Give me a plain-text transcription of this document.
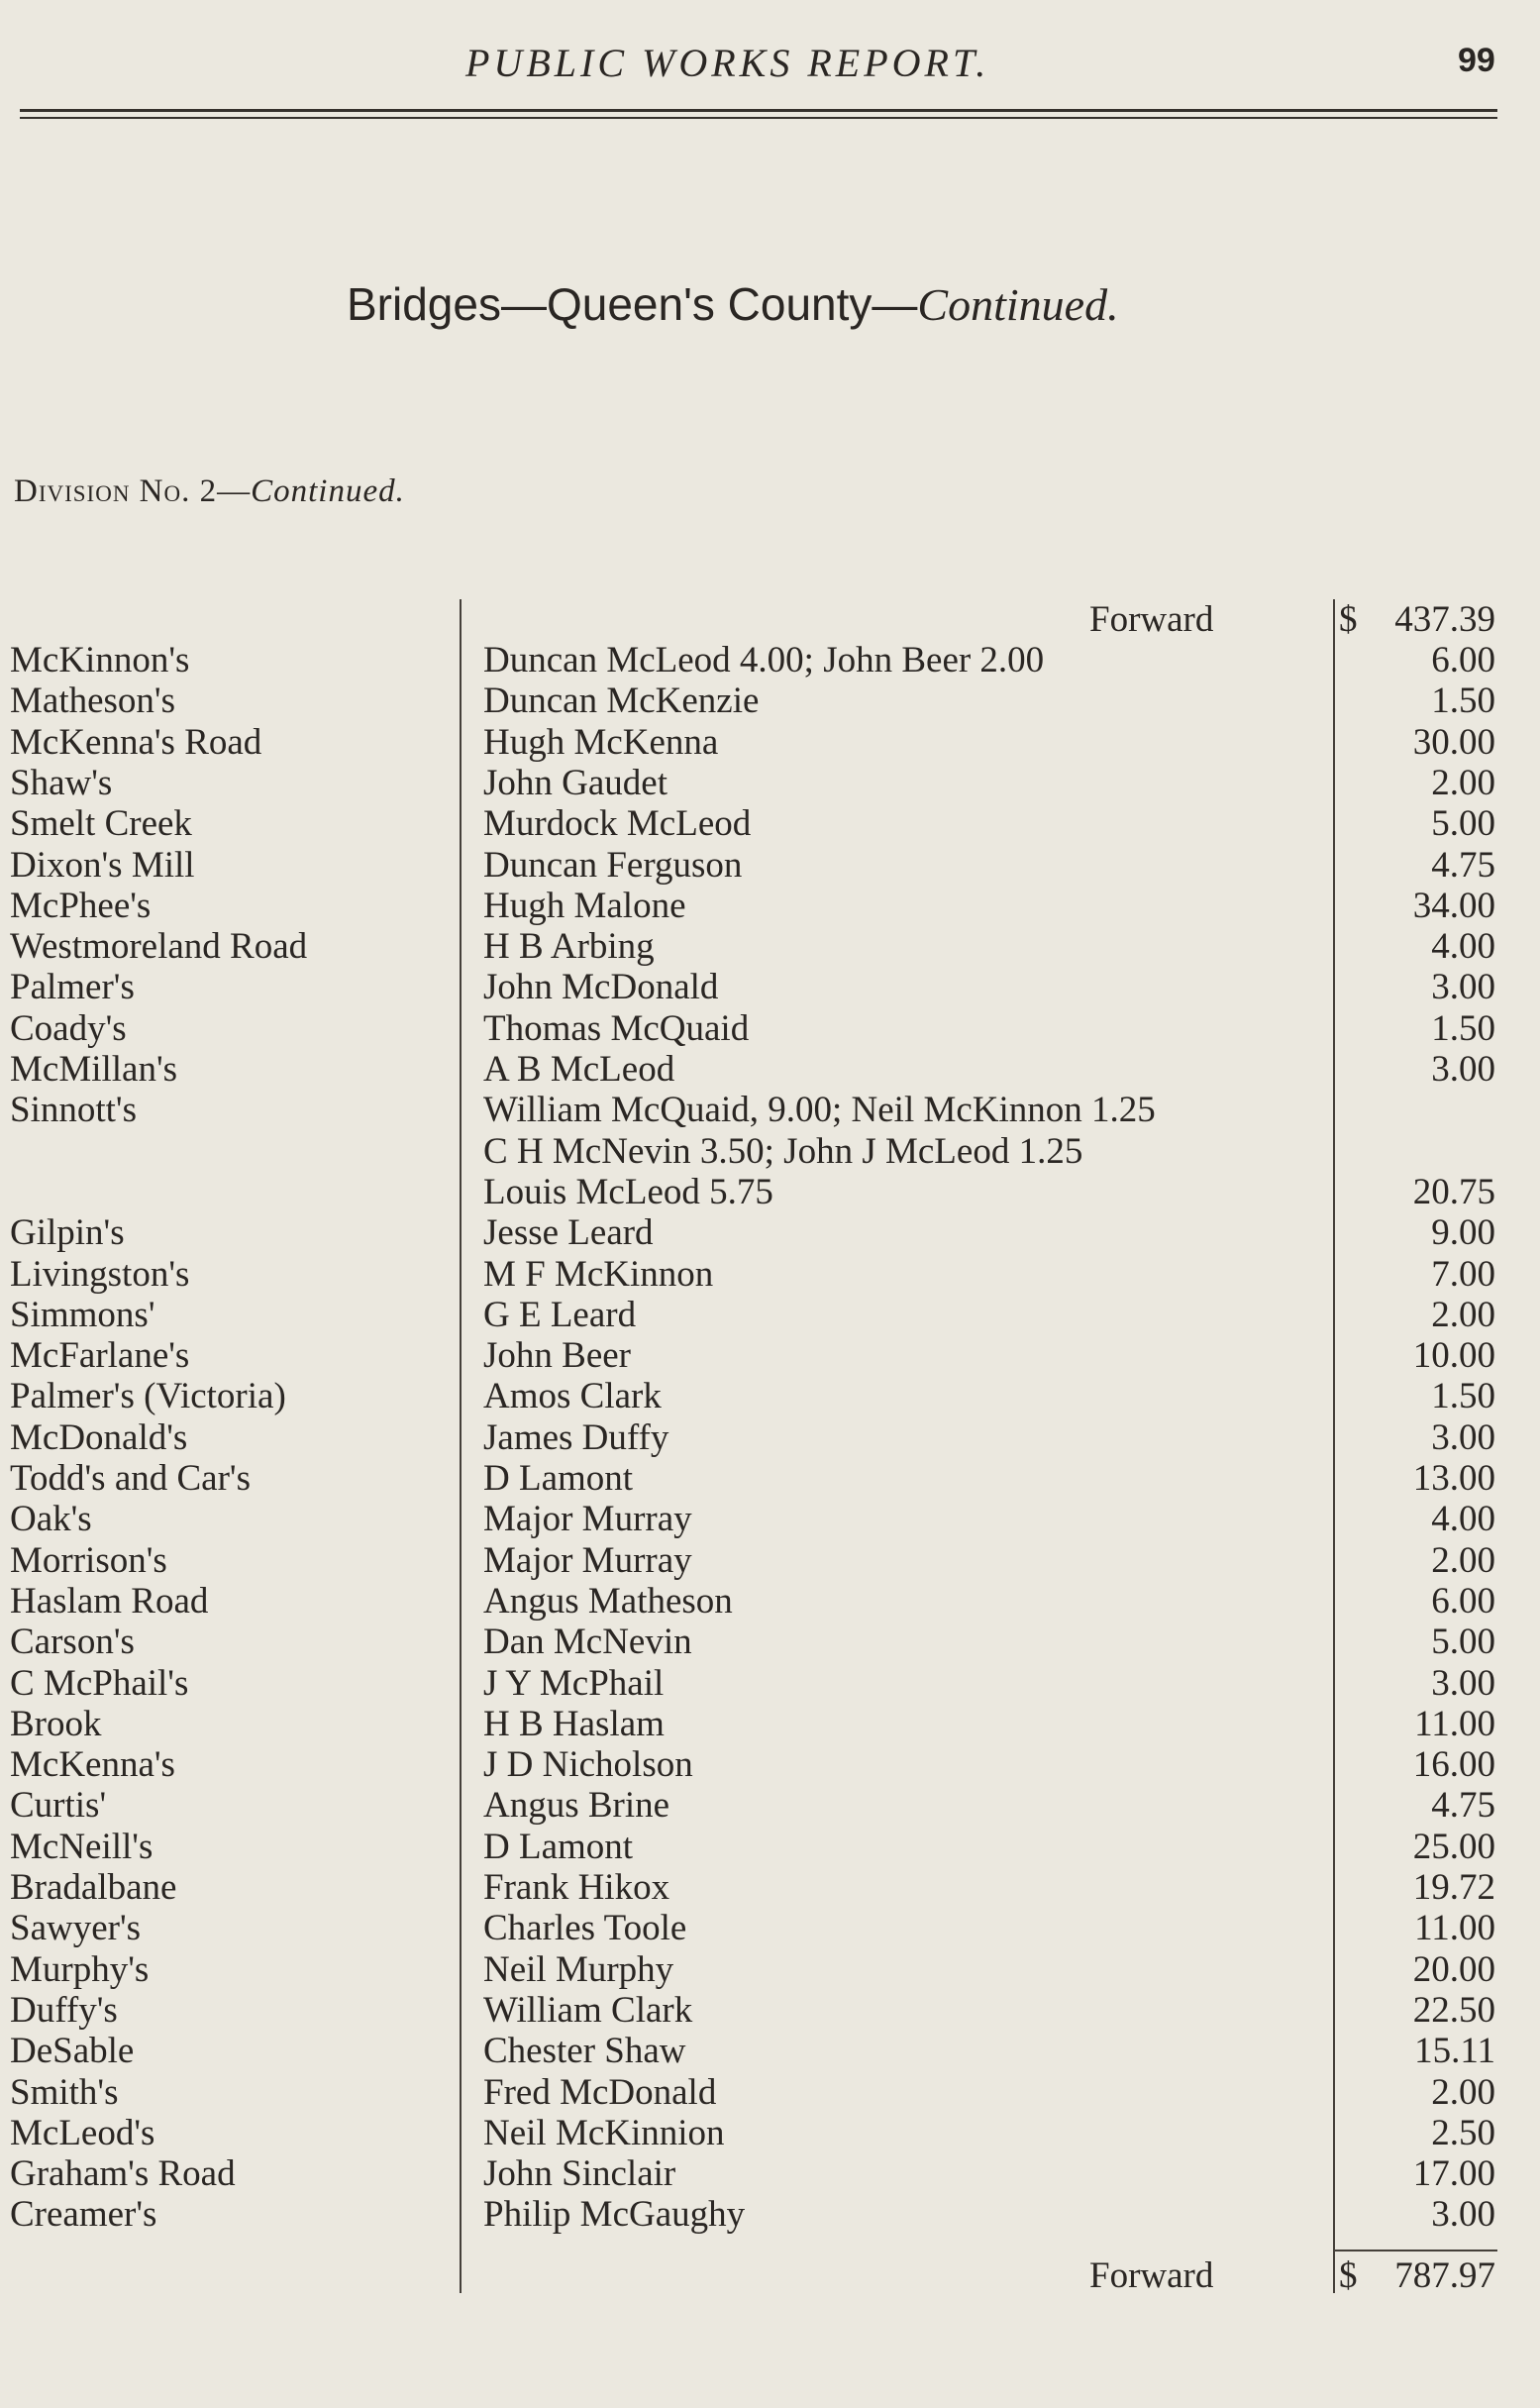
PUBLIC WORKS REPORT.	99
Bridges—Queen's County—Continued.
Division No. 2—Continued.
Forward	$ 437.39
McKinnon's	Duncan McLeod 4.00; John Beer 2.00	6.00
Matheson's	Duncan McKenzie	1.50
McKenna's Road	Hugh McKenna	30.00
Shaw's	John Gaudet	2.00
Smelt Creek	Murdock McLeod	5.00
Dixon's Mill	Duncan Ferguson	4.75
McPhee's	Hugh Malone	34.00
Westmoreland Road	H B Arbing	4.00
Palmer's	John McDonald	3.00
Coady's	Thomas McQuaid	1.50
McMillan's	A B McLeod	3.00
Sinnott's	William McQuaid, 9.00; Neil McKinnon 1.25
C H McNevin 3.50; John J McLeod 1.25
Louis McLeod 5.75	20.75
Gilpin's	Jesse Leard	9.00
Livingston's	M F McKinnon	7.00
Simmons'	G E Leard	2.00
McFarlane's	John Beer	10.00
Palmer's (Victoria)	Amos Clark	1.50
McDonald's	James Duffy	3.00
Todd's and Car's	D Lamont	13.00
Oak's	Major Murray	4.00
Morrison's	Major Murray	2.00
Haslam Road	Angus Matheson	6.00
Carson's	Dan McNevin	5.00
C McPhail's	J Y McPhail	3.00
Brook	H B Haslam	11.00
McKenna's	J D Nicholson	16.00
Curtis'	Angus Brine	4.75
McNeill's	D Lamont	25.00
Bradalbane	Frank Hikox	19.72
Sawyer's	Charles Toole	11.00
Murphy's	Neil Murphy	20.00
Duffy's	William Clark	22.50
DeSable	Chester Shaw	15.11
Smith's	Fred McDonald	2.00
McLeod's	Neil McKinnion	2.50
Graham's Road	John Sinclair	17.00
Creamer's	Philip McGaughy	3.00
Forward	$ 787.97
